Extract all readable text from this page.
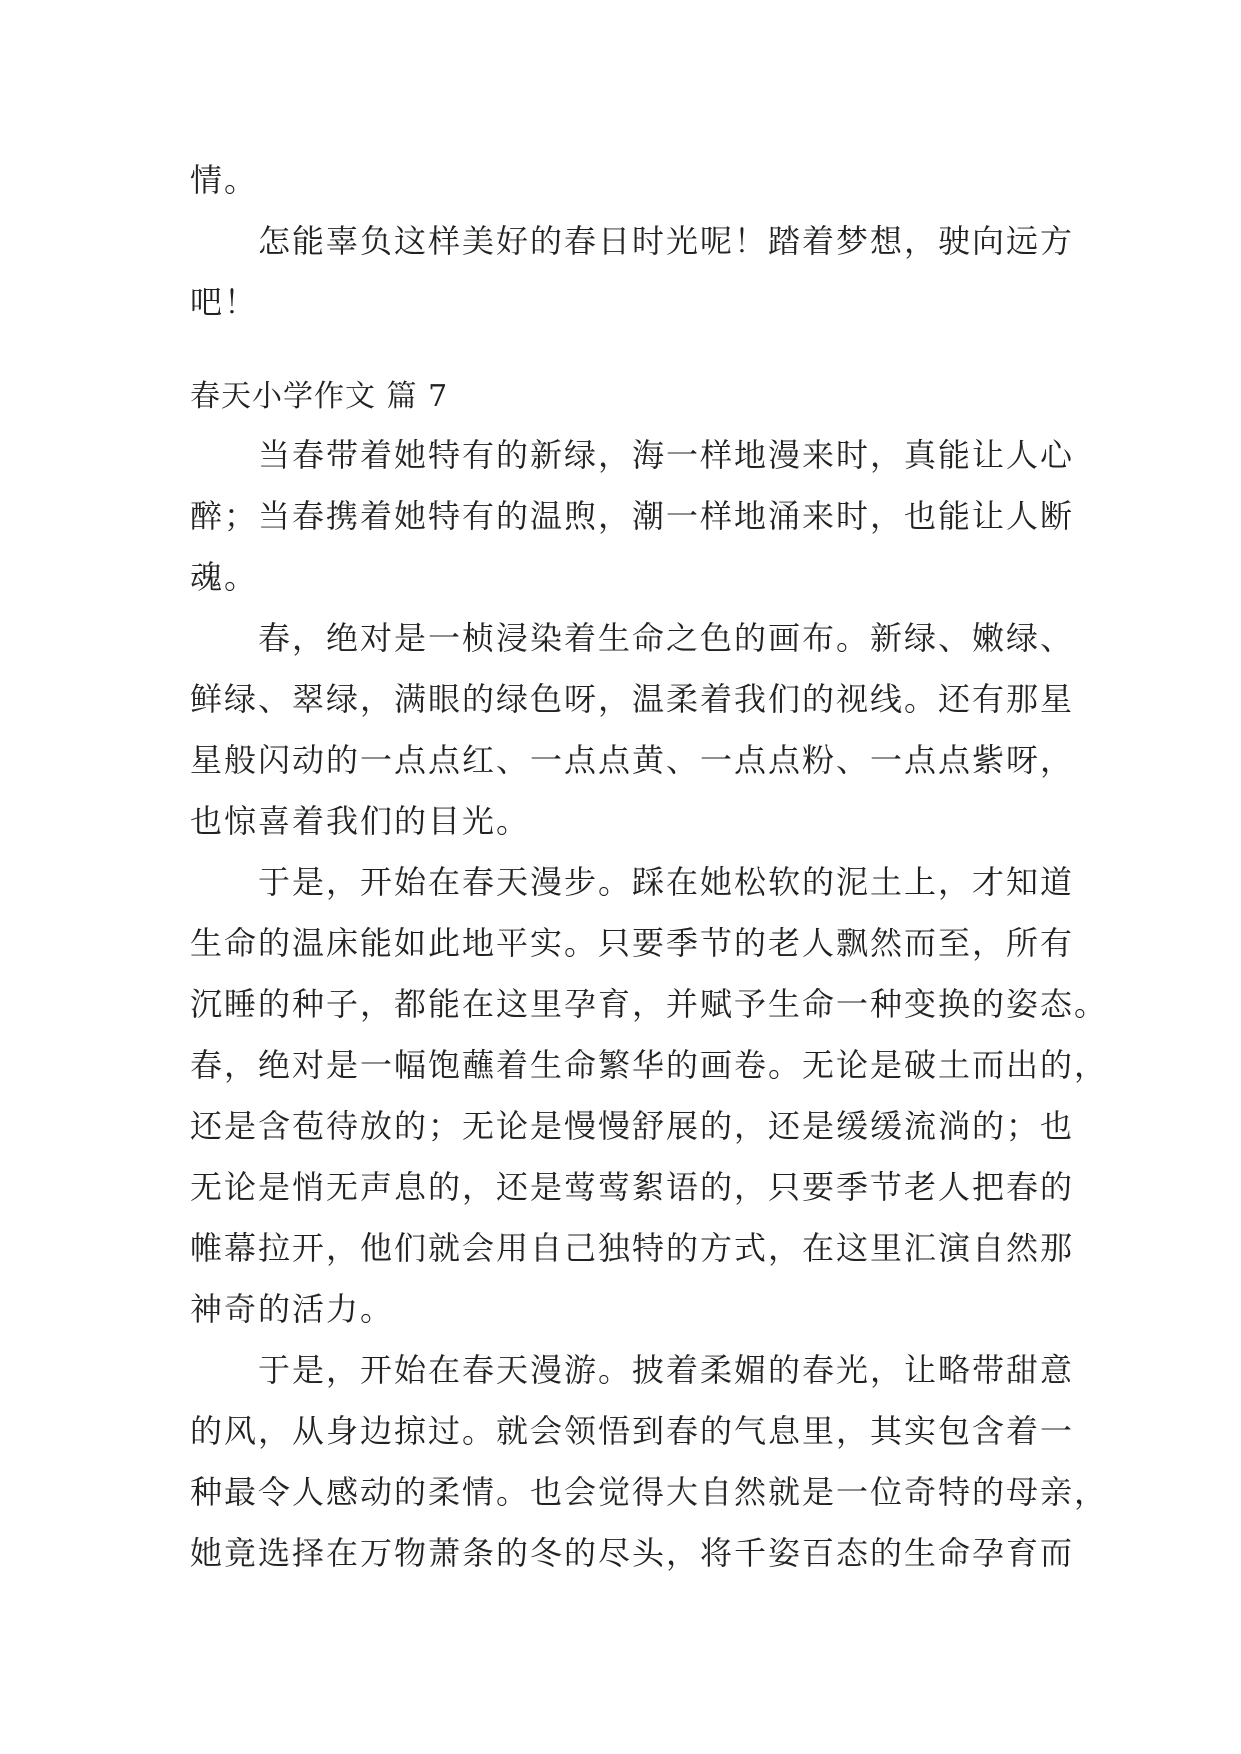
情。
怎能辜负这样美好的春日时光呢！踏着梦想，驶向远方
吧！
春天小学作文 篇 7
当春带着她特有的新绿，海一样地漫来时，真能让人心
醉；当春携着她特有的温煦，潮一样地涌来时，也能让人断
魂。
春，绝对是一桢浸染着生命之色的画布。新绿、嫩绿、
鲜绿、翠绿，满眼的绿色呀，温柔着我们的视线。还有那星
星般闪动的一点点红、一点点黄、一点点粉、一点点紫呀，
也惊喜着我们的目光。
于是，开始在春天漫步。踩在她松软的泥土上，才知道
生命的温床能如此地平实。只要季节的老人飘然而至，所有
沉睡的种子，都能在这里孕育，并赋予生命一种变换的姿态。
春，绝对是一幅饱蘸着生命繁华的画卷。无论是破土而出的，
还是含苞待放的；无论是慢慢舒展的，还是缓缓流淌的；也
无论是悄无声息的，还是莺莺絮语的，只要季节老人把春的
帷幕拉开，他们就会用自己独特的方式，在这里汇演自然那
神奇的活力。
于是，开始在春天漫游。披着柔媚的春光，让略带甜意
的风，从身边掠过。就会领悟到春的气息里，其实包含着一
种最令人感动的柔情。也会觉得大自然就是一位奇特的母亲，
她竟选择在万物萧条的冬的尽头，将千姿百态的生命孕育而
